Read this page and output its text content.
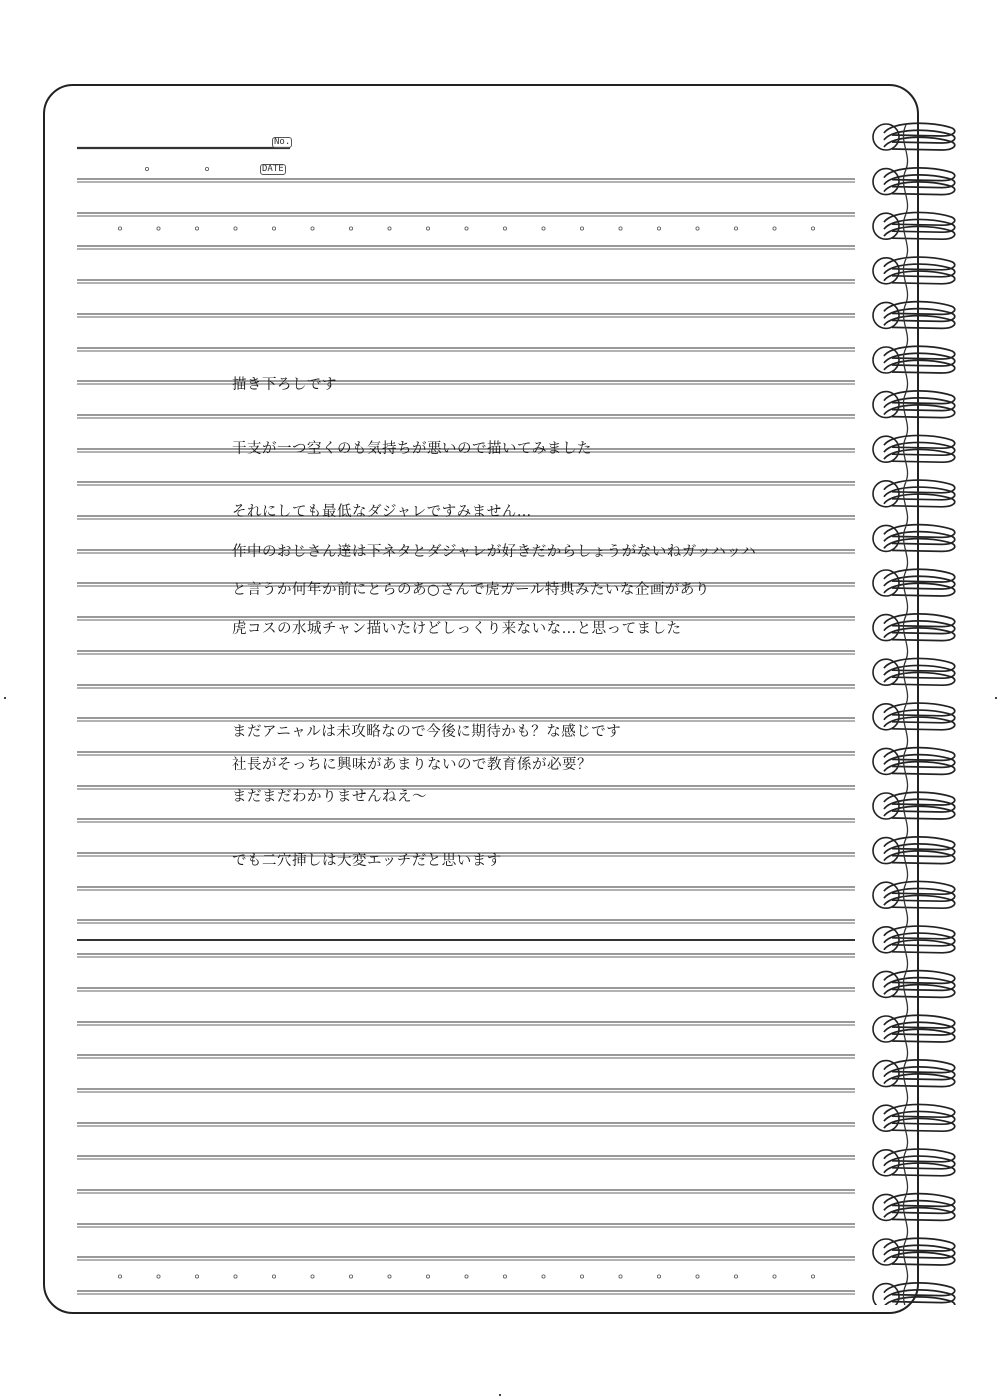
No.
DATE
描き下ろしです
干支が一つ空くのも気持ちが悪いので描いてみました
それにしても最低なダジャレですみません…
作中のおじさん達は下ネタとダジャレが好きだからしょうがないねガッハッハ
と言うか何年か前にとらのあ○さんで虎ガール特典みたいな企画があり
虎コスの水城チャン描いたけどしっくり来ないな…と思ってました
まだアニャルは未攻略なので今後に期待かも？な感じです
社長がそっちに興味があまりないので教育係が必要？
まだまだわかりませんねえ～
でも二穴挿しは大変エッチだと思います
